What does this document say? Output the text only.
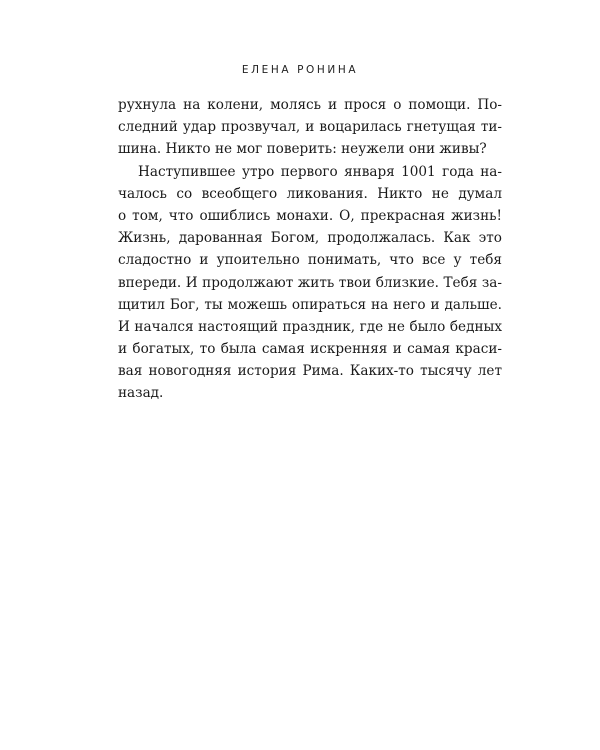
ЕЛЕНА РОНИНА
рухнула на колени, молясь и прося о помощи. По-
следний удар прозвучал, и воцарилась гнетущая ти-
шина. Никто не мог поверить: неужели они живы?
Наступившее утро первого января 1001 года на-
чалось со всеобщего ликования. Никто не думал
о том, что ошиблись монахи. О, прекрасная жизнь!
Жизнь, дарованная Богом, продолжалась. Как это
сладостно и упоительно понимать, что все у тебя
впереди. И продолжают жить твои близкие. Тебя за-
щитил Бог, ты можешь опираться на него и дальше.
И начался настоящий праздник, где не было бедных
и богатых, то была самая искренняя и самая краси-
вая новогодняя история Рима. Каких-то тысячу лет
назад.
